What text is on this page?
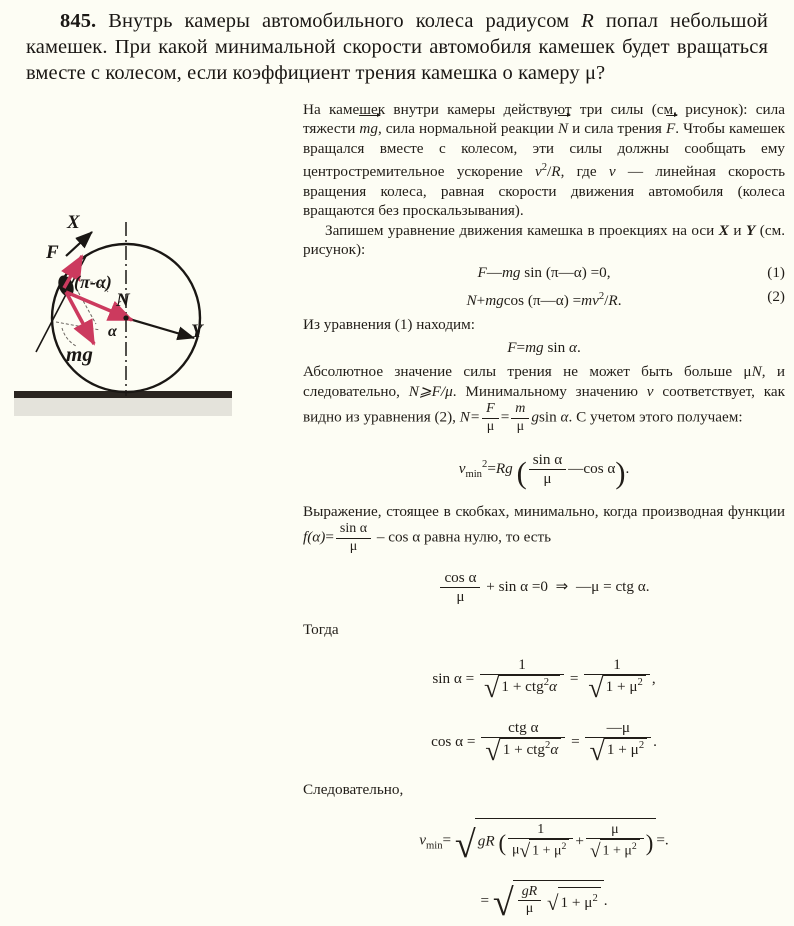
845. Внутрь камеры автомобильного колеса радиусом R попал небольшой камешек. При какой минимальной скорости автомобиля камешек будет вращаться вместе с колесом, если коэффициент трения камешка о камеру μ?
X
Y
F
N
mg
(π-α)
α

На камешек внутри камеры действуют три силы (см. рисунок): сила тяжести
mg, сила нормальной реакции
N и сила трения
F. Чтобы камешек вращался вместе с колесом, эти силы должны сообщать ему центростремительное ускорение $v^2/R$, где v — линейная скорость вращения колеса, равная скорости движения автомобиля (колеса вращаются без проскальзывания).

Запишем уравнение движения камешка в проекциях на оси X и Y (см. рисунок):

F—mg sin (π—α) =0,	(1)
N+mgcos (π—α) $=mv^2/R$.	(2)

Из уравнения (1) находим:

F=mg sin α.

Абсолютное значение силы трения не может быть больше μN, и следовательно, N⩾F/μ. Минимальному значению v соответствует, как видно из уравнения (2), $N= \frac{F}{\mu} = \frac{m}{\mu}$ gsin α. С учетом этого получаем:

$v_{min}^2=Rg$ ( $\frac{\text{sin α}}{\mu}$ —cos α).

Выражение, стоящее в скобках, минимально, когда производная функции $f(\alpha)= \frac{\text{sin α}}{\mu} - \cos \alpha$ равна нулю, то есть

$\frac{\text{cos α}}{\mu} + \sin \alpha =0$ ⇒ —μ = ctg α.

Тогда

$\sin \alpha = \frac{1}{√ 1 + ctg^2\alpha} = \frac{1}{√ 1 + \mu^2}$ ,
$\cos \alpha = \frac{\text{ctg α}}{√ 1 + ctg^2\alpha} = \frac{—\mu}{√ 1 + \mu^2}$ .

Следовательно,

$v_{min}=$ √ gR ( $\frac{1}{\mu√ 1 + \mu^2} + \frac{\mu}{√ 1 + \mu^2}$ ) =.
= √ $\frac{gR}{\mu}$ √ $1 + \mu^2$ .
